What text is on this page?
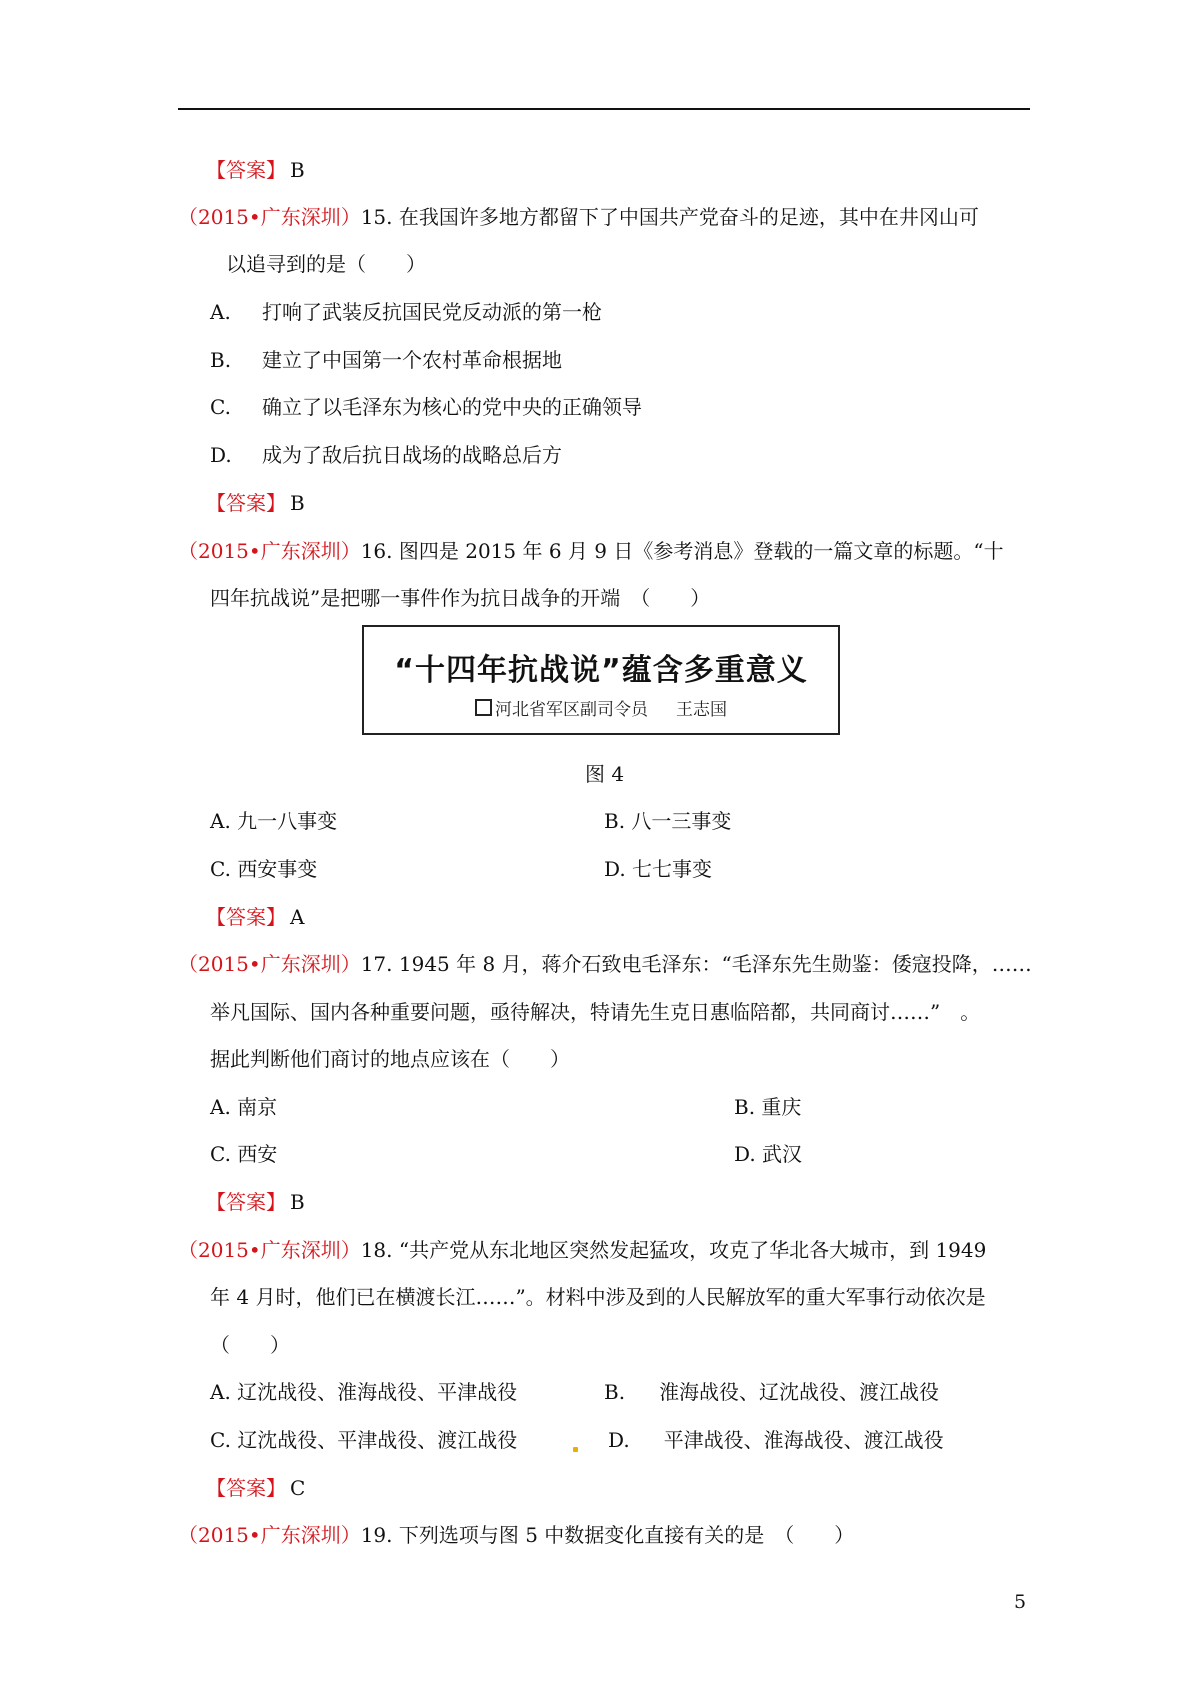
【答案】 B
（2015•广东深圳）15. 在我国许多地方都留下了中国共产党奋斗的足迹，其中在井冈山可
以追寻到的是（　　）
A. 打响了武装反抗国民党反动派的第一枪
B. 建立了中国第一个农村革命根据地
C. 确立了以毛泽东为核心的党中央的正确领导
D. 成为了敌后抗日战场的战略总后方
【答案】 B
（2015•广东深圳）16. 图四是 2015 年 6 月 9 日《参考消息》登载的一篇文章的标题。“十
四年抗战说”是把哪一事件作为抗日战争的开端　（　　）
“十四年抗战说”蕴含多重意义
河北省军区副司令员 王志国
图 4
A. 九一八事变	B. 八一三事变
C. 西安事变	D. 七七事变
【答案】 A
（2015•广东深圳）17. 1945 年 8 月，蒋介石致电毛泽东：“毛泽东先生勋鉴：倭寇投降，……
举凡国际、国内各种重要问题，亟待解决，特请先生克日惠临陪都，共同商讨……”　。
据此判断他们商讨的地点应该在（　　）
A. 南京	B. 重庆
C. 西安	D. 武汉
【答案】 B
（2015•广东深圳）18. “共产党从东北地区突然发起猛攻，攻克了华北各大城市，到 1949
年 4 月时，他们已在横渡长江……”。材料中涉及到的人民解放军的重大军事行动依次是
（　　）
A. 辽沈战役、淮海战役、平津战役	B. 淮海战役、辽沈战役、渡江战役
C. 辽沈战役、平津战役、渡江战役	D. 平津战役、淮海战役、渡江战役
【答案】 C
（2015•广东深圳）19. 下列选项与图 5 中数据变化直接有关的是　（　　）
5
